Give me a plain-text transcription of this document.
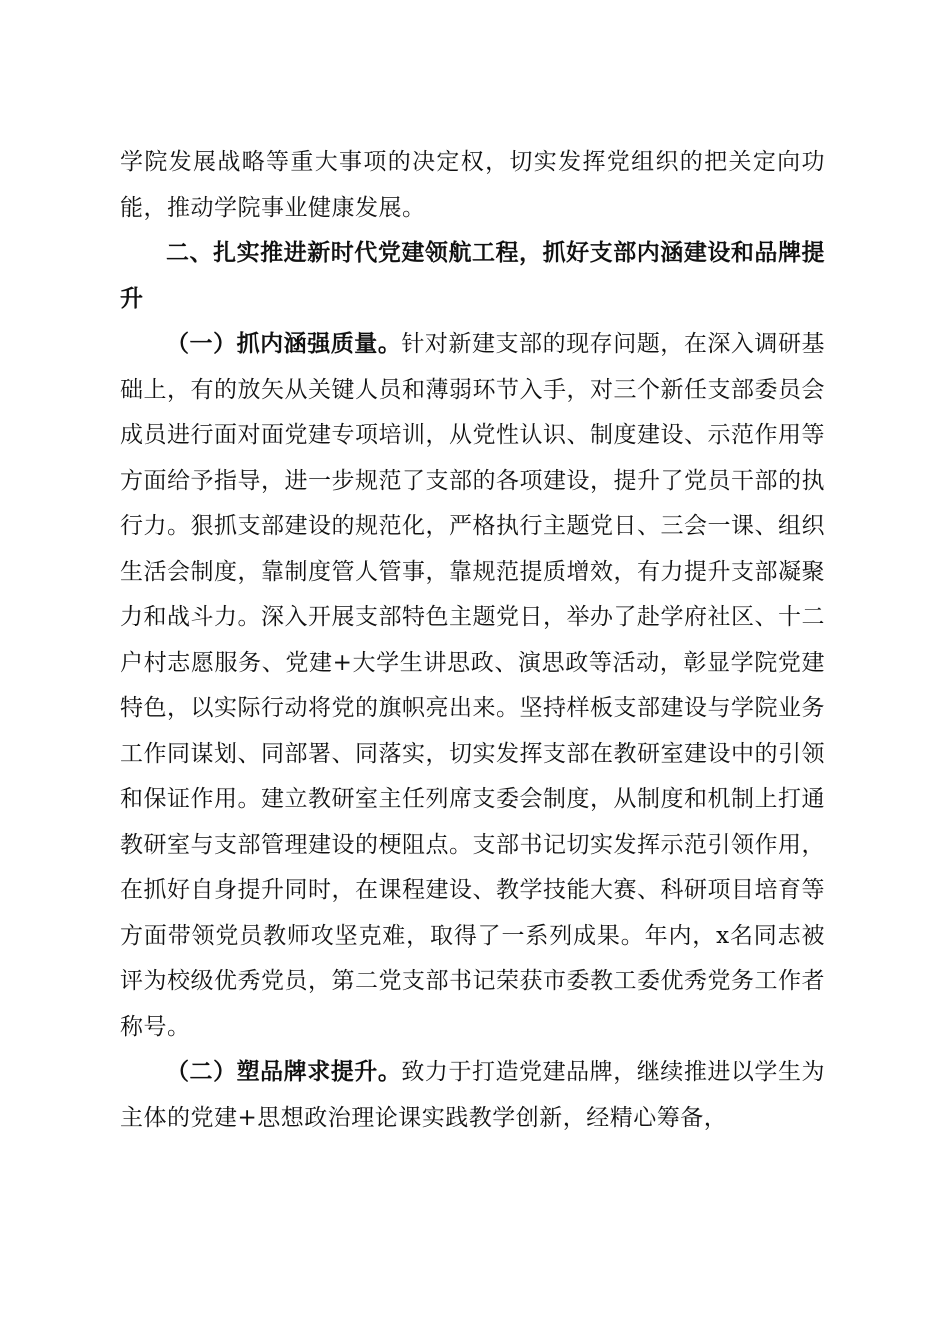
学院发展战略等重大事项的决定权，切实发挥党组织的把关定向功能，推动学院事业健康发展。

二、扎实推进新时代党建领航工程，抓好支部内涵建设和品牌提升

（一）抓内涵强质量。针对新建支部的现存问题，在深入调研基础上，有的放矢从关键人员和薄弱环节入手，对三个新任支部委员会成员进行面对面党建专项培训，从党性认识、制度建设、示范作用等方面给予指导，进一步规范了支部的各项建设，提升了党员干部的执行力。狠抓支部建设的规范化，严格执行主题党日、三会一课、组织生活会制度，靠制度管人管事，靠规范提质增效，有力提升支部凝聚力和战斗力。深入开展支部特色主题党日，举办了赴学府社区、十二户村志愿服务、党建+大学生讲思政、演思政等活动，彰显学院党建特色，以实际行动将党的旗帜亮出来。坚持样板支部建设与学院业务工作同谋划、同部署、同落实，切实发挥支部在教研室建设中的引领和保证作用。建立教研室主任列席支委会制度，从制度和机制上打通教研室与支部管理建设的梗阻点。支部书记切实发挥示范引领作用，在抓好自身提升同时，在课程建设、教学技能大赛、科研项目培育等方面带领党员教师攻坚克难，取得了一系列成果。年内，x名同志被评为校级优秀党员，第二党支部书记荣获市委教工委优秀党务工作者称号。

（二）塑品牌求提升。致力于打造党建品牌，继续推进以学生为主体的党建+思想政治理论课实践教学创新，经精心筹备，
